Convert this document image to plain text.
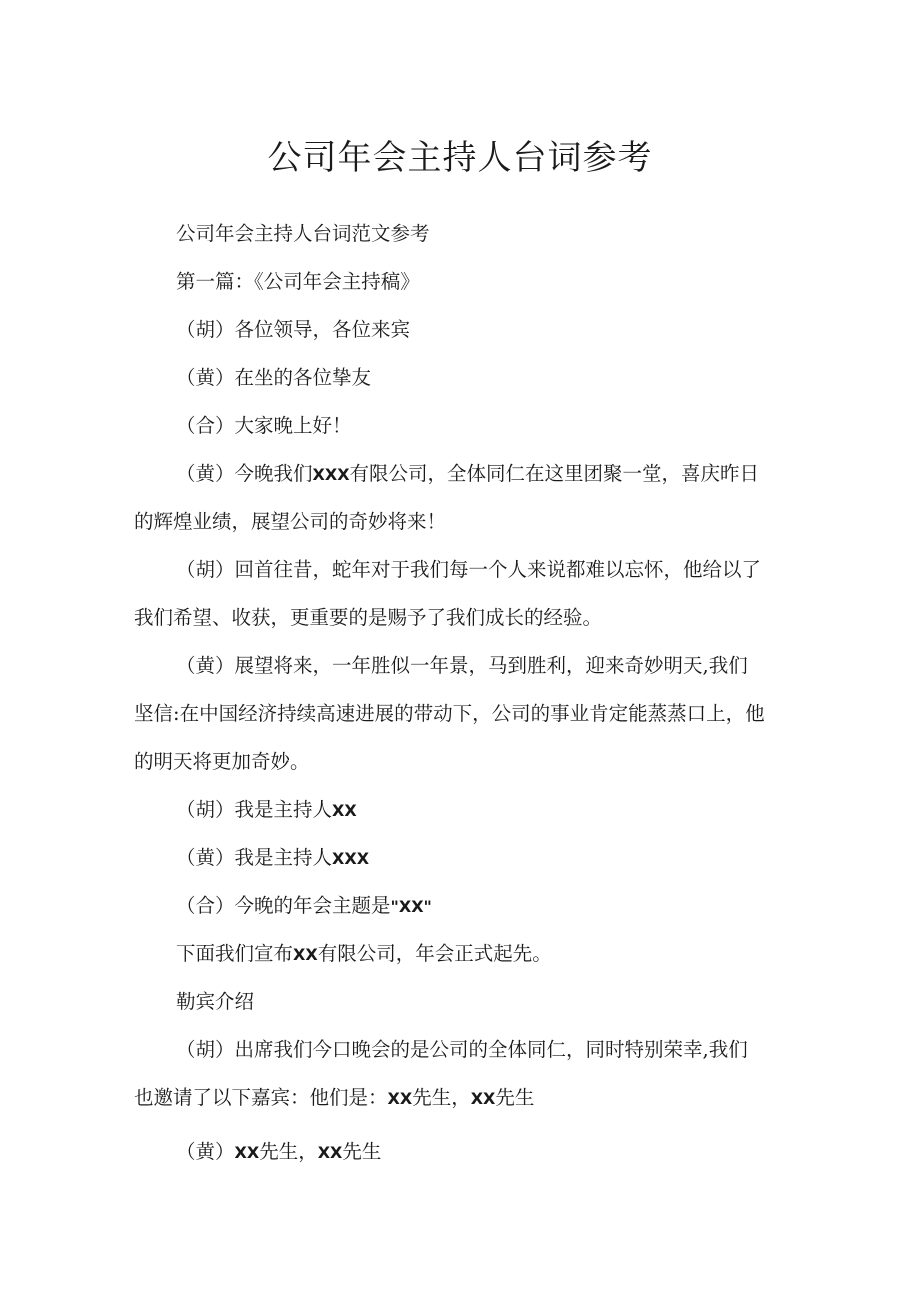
公司年会主持人台词参考
公司年会主持人台词范文参考
第一篇：《公司年会主持稿》
（胡）各位领导，各位来宾
（黄）在坐的各位挚友
（合）大家晚上好！
（黄）今晚我们XXX有限公司，全体同仁在这里团聚一堂，喜庆昨日
的辉煌业绩，展望公司的奇妙将来！
（胡）回首往昔，蛇年对于我们每一个人来说都难以忘怀，他给以了
我们希望、收获，更重要的是赐予了我们成长的经验。
（黄）展望将来，一年胜似一年景，马到胜利，迎来奇妙明天,我们
坚信:在中国经济持续高速进展的带动下，公司的事业肯定能蒸蒸口上，他
的明天将更加奇妙。
（胡）我是主持人XX
（黄）我是主持人XXX
（合）今晚的年会主题是"XX"
下面我们宣布XX有限公司，年会正式起先。
勒宾介绍
（胡）出席我们今口晚会的是公司的全体同仁，同时特别荣幸,我们
也邀请了以下嘉宾：他们是：XX先生，XX先生
（黄）XX先生，XX先生
